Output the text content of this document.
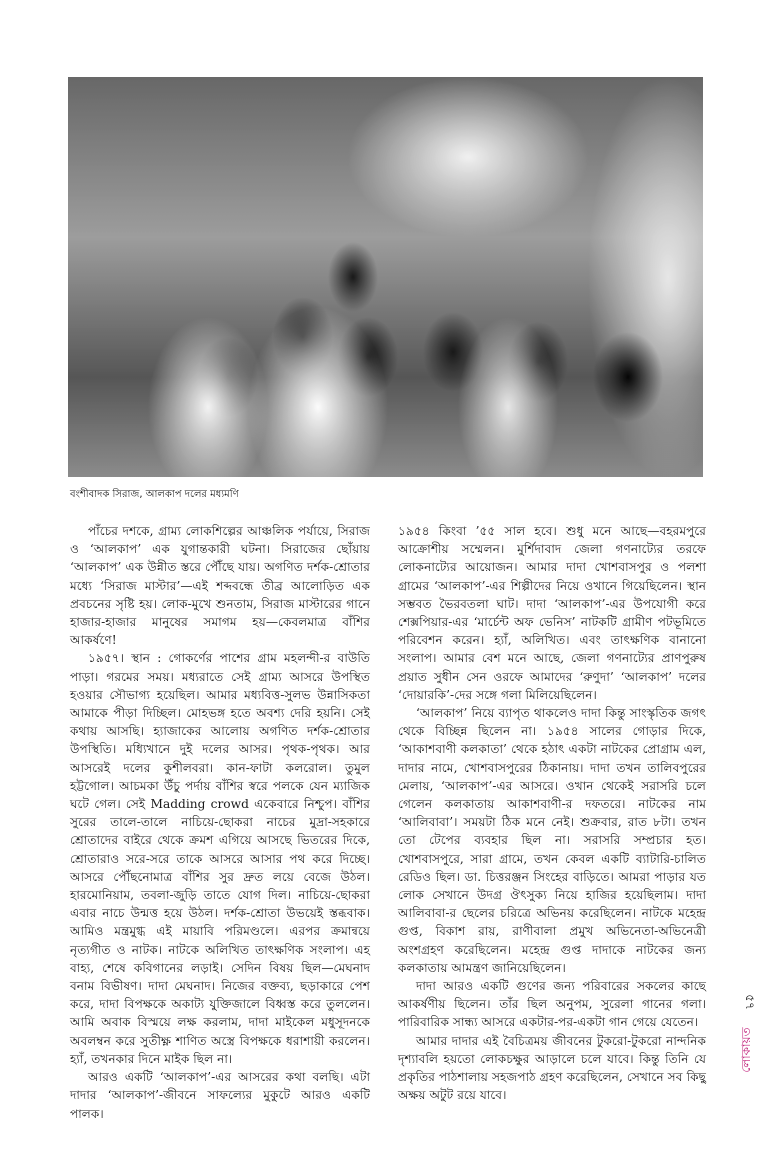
বংশীবাদক সিরাজ, আলকাপ দলের মধ্যমণি

পাঁচের দশকে, গ্রাম্য লোকশিল্পের আঞ্চলিক পর্যায়ে, সিরাজ ও ‘আলকাপ’ এক যুগান্তকারী ঘটনা। সিরাজের ছোঁয়ায় ‘আলকাপ’ এক উন্নীত স্তরে পৌঁছে যায়। অগণিত দর্শক-শ্রোতার মধ্যে ‘সিরাজ মাস্টার’—এই শব্দবন্ধে তীব্র আলোড়িত এক প্রবচনের সৃষ্টি হয়। লোক-মুখে শুনতাম, সিরাজ মাস্টারের গানে হাজার-হাজার মানুষের সমাগম হয়—কেবলমাত্র বাঁশির আকর্ষণে!

১৯৫৭। স্থান : গোকর্ণের পাশের গ্রাম মহলন্দী-র বাউতি পাড়া। গরমের সময়। মধ্যরাতে সেই গ্রাম্য আসরে উপস্থিত হওয়ার সৌভাগ্য হয়েছিল। আমার মধ্যবিত্ত-সুলভ উন্নাসিকতা আমাকে পীড়া দিচ্ছিল। মোহভঙ্গ হতে অবশ্য দেরি হয়নি। সেই কথায় আসছি। হ্যাজাকের আলোয় অগণিত দর্শক-শ্রোতার উপস্থিতি। মধ্যিখানে দুই দলের আসর। পৃথক-পৃথক। আর আসরেই দলের কুশীলবরা। কান-ফাটা কলরোল। তুমুল হট্টগোল। আচমকা উঁচু পর্দায় বাঁশির স্বরে পলকে যেন ম্যাজিক ঘটে গেল। সেই Madding crowd একেবারে নিশ্চুপ। বাঁশির সুরের তালে-তালে নাচিয়ে-ছোকরা নাচের মুদ্রা-সহকারে শ্রোতাদের বাইরে থেকে ক্রমশ এগিয়ে আসছে ভিতরের দিকে, শ্রোতারাও সরে-সরে তাকে আসরে আসার পথ করে দিচ্ছে। আসরে পৌঁছনোমাত্র বাঁশির সুর দ্রুত লয়ে বেজে উঠল। হারমোনিয়াম, তবলা-জুড়ি তাতে যোগ দিল। নাচিয়ে-ছোকরা এবার নাচে উন্মত্ত হয়ে উঠল। দর্শক-শ্রোতা উভয়েই স্তব্ধবাক। আমিও মন্ত্রমুগ্ধ এই মায়াবি পরিমণ্ডলে। এরপর ক্রমান্বয়ে নৃত্যগীত ও নাটক। নাটকে অলিখিত তাৎক্ষণিক সংলাপ। এহ বাহ্য, শেষে কবিগানের লড়াই। সেদিন বিষয় ছিল—মেঘনাদ বনাম বিভীষণ। দাদা মেঘনাদ। নিজের বক্তব্য, ছড়াকারে পেশ করে, দাদা বিপক্ষকে অকাট্য যুক্তিজালে বিধ্বস্ত করে তুললেন। আমি অবাক বিস্ময়ে লক্ষ করলাম, দাদা মাইকেল মধুসূদনকে অবলম্বন করে সুতীক্ষ্ণ শাণিত অস্ত্রে বিপক্ষকে ধরাশায়ী করলেন। হ্যাঁ, তখনকার দিনে মাইক ছিল না।

আরও একটি ‘আলকাপ’-এর আসরের কথা বলছি। এটা দাদার ‘আলকাপ’-জীবনে সাফল্যের মুকুটে আরও একটি পালক।

১৯৫৪ কিংবা ’৫৫ সাল হবে। শুধু মনে আছে—বহরমপুরে আক্রোশীয় সম্মেলন। মুর্শিদাবাদ জেলা গণনাট্যের তরফে লোকনাট্যের আয়োজন। আমার দাদা খোশবাসপুর ও পলশা গ্রামের ‘আলকাপ’-এর শিল্পীদের নিয়ে ওখানে গিয়েছিলেন। স্থান সম্ভবত ভৈরবতলা ঘাট। দাদা ‘আলকাপ’-এর উপযোগী করে শেক্সপিয়ার-এর ‘মার্চেন্ট অফ ভেনিস’ নাটকটি গ্রামীণ পটভূমিতে পরিবেশন করেন। হ্যাঁ, অলিখিত। এবং তাৎক্ষণিক বানানো সংলাপ। আমার বেশ মনে আছে, জেলা গণনাট্যের প্রাণপুরুষ প্রয়াত সুধীন সেন ওরফে আমাদের ‘রুণুদা’ ‘আলকাপ’ দলের ‘দোয়ারকি’-দের সঙ্গে গলা মিলিয়েছিলেন।

‘আলকাপ’ নিয়ে ব্যাপৃত থাকলেও দাদা কিন্তু সাংস্কৃতিক জগৎ থেকে বিচ্ছিন্ন ছিলেন না। ১৯৫৪ সালের গোড়ার দিকে, ‘আকাশবাণী কলকাতা’ থেকে হঠাৎ একটা নাটকের প্রোগ্রাম এল, দাদার নামে, খোশবাসপুরের ঠিকানায়। দাদা তখন তালিবপুরের মেলায়, ‘আলকাপ’-এর আসরে। ওখান থেকেই সরাসরি চলে গেলেন কলকাতায় আকাশবাণী-র দফতরে। নাটকের নাম ‘আলিবাবা’। সময়টা ঠিক মনে নেই। শুক্রবার, রাত ৮টা। তখন তো টেপের ব্যবহার ছিল না। সরাসরি সম্প্রচার হত। খোশবাসপুরে, সারা গ্রামে, তখন কেবল একটি ব্যাটারি-চালিত রেডিও ছিল। ডা. চিত্তরঞ্জন সিংহের বাড়িতে। আমরা পাড়ার যত লোক সেখানে উদগ্র ঔৎসুক্য নিয়ে হাজির হয়েছিলাম। দাদা আলিবাবা-র ছেলের চরিত্রে অভিনয় করেছিলেন। নাটকে মহেন্দ্র গুপ্ত, বিকাশ রায়, রাণীবালা প্রমুখ অভিনেতা-অভিনেত্রী অংশগ্রহণ করেছিলেন। মহেন্দ্র গুপ্ত দাদাকে নাটকের জন্য কলকাতায় আমন্ত্রণ জানিয়েছিলেন।

দাদা আরও একটি গুণের জন্য পরিবারের সকলের কাছে আকর্ষণীয় ছিলেন। তাঁর ছিল অনুপম, সুরেলা গানের গলা। পারিবারিক সান্ধ্য আসরে একটার-পর-একটা গান গেয়ে যেতেন।

আমার দাদার এই বৈচিত্রময় জীবনের টুকরো-টুকরো নান্দনিক দৃশ্যাবলি হয়তো লোকচক্ষুর আড়ালে চলে যাবে। কিন্তু তিনি যে প্রকৃতির পাঠশালায় সহজপাঠ গ্রহণ করেছিলেন, সেখানে সব কিছু অক্ষয় অটুট রয়ে যাবে।

৫৭
লোকায়ত
